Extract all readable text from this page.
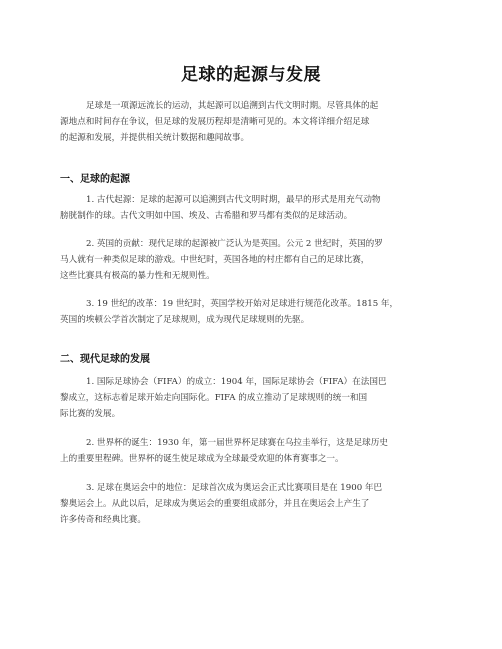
足球的起源与发展
足球是一项源远流长的运动，其起源可以追溯到古代文明时期。尽管具体的起
源地点和时间存在争议，但足球的发展历程却是清晰可见的。本文将详细介绍足球
的起源和发展，并提供相关统计数据和趣闻故事。
一、足球的起源
1. 古代起源：足球的起源可以追溯到古代文明时期，最早的形式是用充气动物
膀胱制作的球。古代文明如中国、埃及、古希腊和罗马都有类似的足球活动。
2. 英国的贡献：现代足球的起源被广泛认为是英国。公元 2 世纪时，英国的罗
马人就有一种类似足球的游戏。中世纪时，英国各地的村庄都有自己的足球比赛，
这些比赛具有极高的暴力性和无规则性。
3. 19 世纪的改革：19 世纪时，英国学校开始对足球进行规范化改革。1815 年，
英国的埃顿公学首次制定了足球规则，成为现代足球规则的先驱。
二、现代足球的发展
1. 国际足球协会（FIFA）的成立：1904 年，国际足球协会（FIFA）在法国巴
黎成立，这标志着足球开始走向国际化。FIFA 的成立推动了足球规则的统一和国
际比赛的发展。
2. 世界杯的诞生：1930 年，第一届世界杯足球赛在乌拉圭举行，这是足球历史
上的重要里程碑。世界杯的诞生使足球成为全球最受欢迎的体育赛事之一。
3. 足球在奥运会中的地位：足球首次成为奥运会正式比赛项目是在 1900 年巴
黎奥运会上。从此以后，足球成为奥运会的重要组成部分，并且在奥运会上产生了
许多传奇和经典比赛。
